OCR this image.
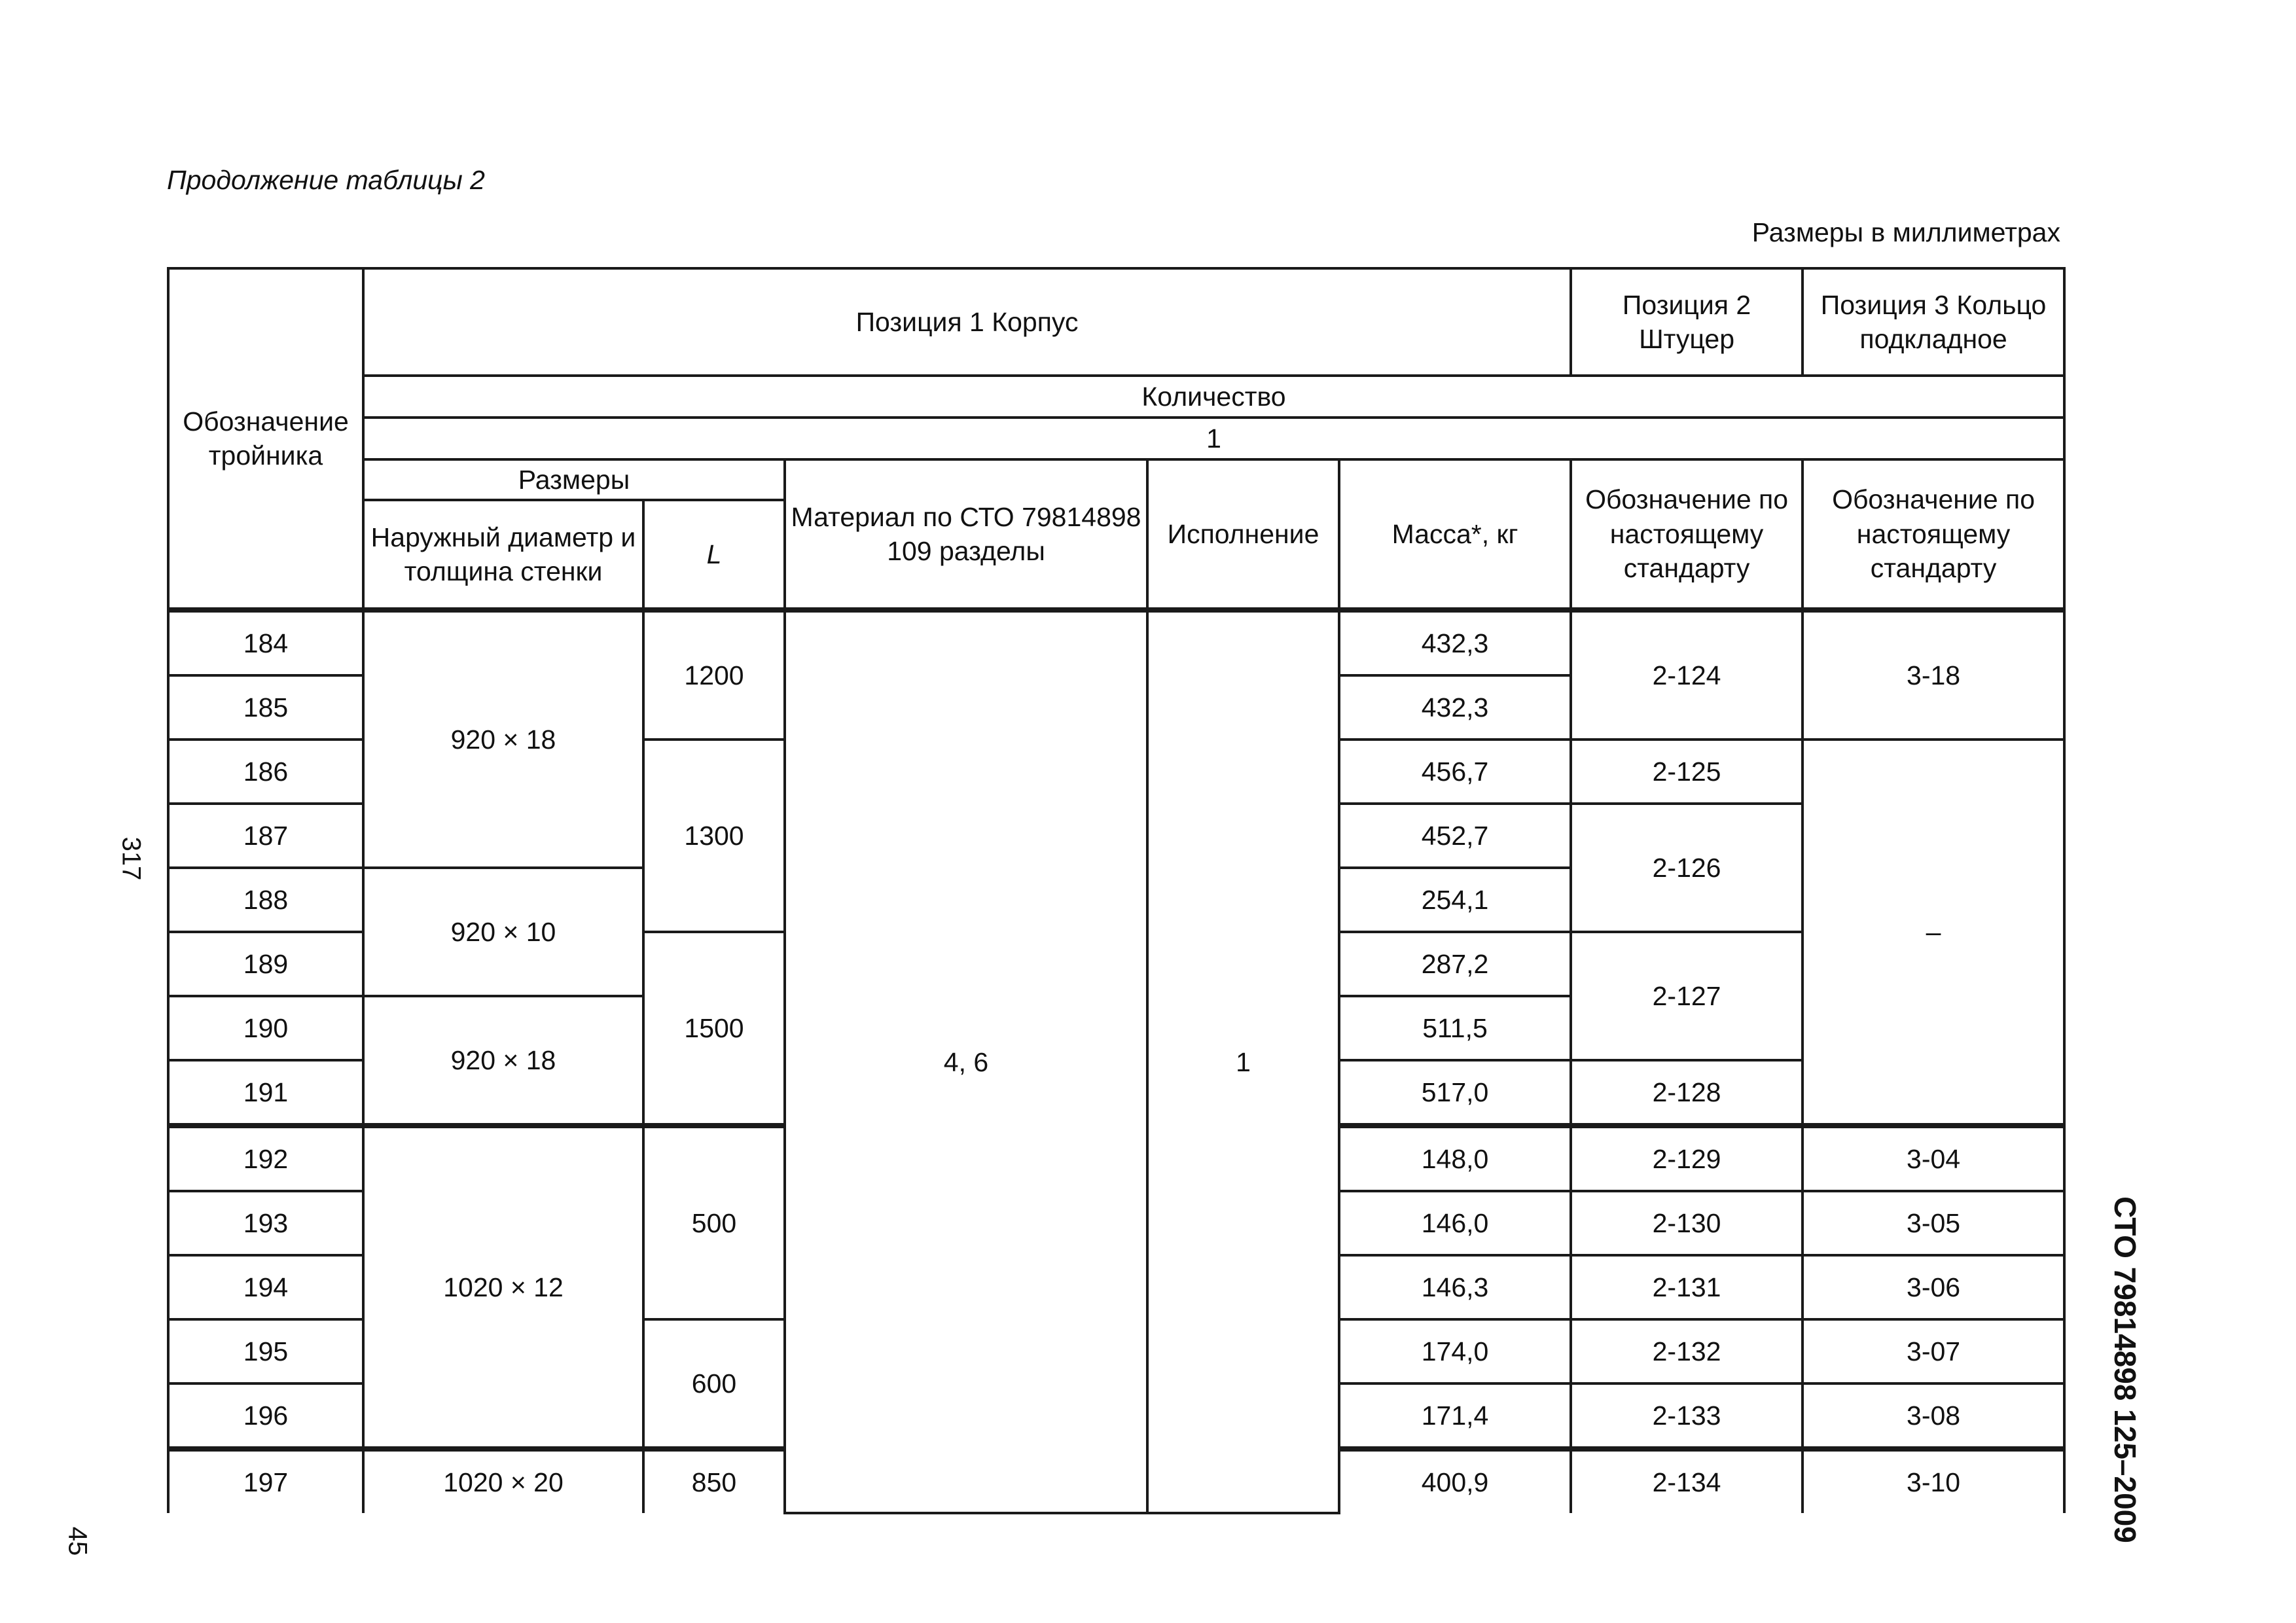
Продолжение таблицы 2

Размеры в миллиметрах

317
СТО 79814898 125–2009
45
Обозначение тройника	Позиция 1 Корпус					Позиция 2 Штуцер	Позиция 3 Кольцо подкладное
	Количество						
	1						
	Размеры		Материал по СТО 79814898 109 разделы	Исполнение	Масса*, кг	Обозначение по настоящему стандарту	Обозначение по настоящему стандарту
	Наружный диаметр и толщина стенки	L					
184	920 × 18	1200	4, 6	1	432,3	2-124	3-18
185					432,3		
186		1300			456,7	2-125	–
187					452,7	2-126	
188	920 × 10				254,1		
189		1500			287,2	2-127	
190	920 × 18				511,5		
191					517,0	2-128	
192	1020 × 12	500			148,0	2-129	3-04
193					146,0	2-130	3-05
194					146,3	2-131	3-06
195		600			174,0	2-132	3-07
196					171,4	2-133	3-08
197	1020 × 20	850			400,9	2-134	3-10
